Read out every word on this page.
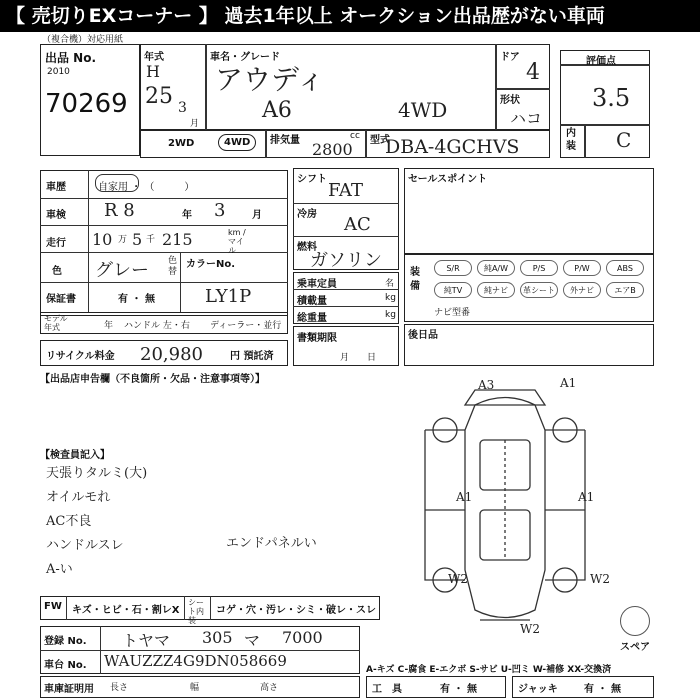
【 売切りEXコーナー 】 過去1年以上 オークション出品歴がない車両
（複合機）対応用紙
出品 No.
2010
70269
年式
H
25 3
月
車名・グレード
アウディ
A6	4WD
ドア
4
形状
ハコ
2WD	4WD	排気量	cc
2800 型式
DBA-4GCHVS
評価点
3.5
内装 C
車歴	自家用 ・ （　　　）
車検 R 8	年 3	月
走行 10 万 5 千 215	km / マイル
色 グレー 色替
カラーNo.
保証書	有 ・ 無	LY1P
モデル年式	年 ハンドル 左・右 ディーラー・並行
リサイクル料金 20,980	円 預託済
シフト
FAT
冷房 AC
燃料
ガソリン
乗車定員	名
積載量	kg
総重量	kg
書類期限
月　　日
セールスポイント
装備
S/R	純A/W	P/S	P/W	ABS
純TV	純ナビ	革シート	外ナビ	エアB
ナビ型番
後日品
【出品店申告欄（不良箇所・欠品・注意事項等）】
【検査員記入】
天張りタルミ(大)
オイルモれ
AC不良
ハンドルスレ
A-い
エンドパネルい
A3	A1
A1	A1
W2	W2
W2
スペア
FW キズ・ヒビ・石・割レX
シート内装
コゲ・穴・汚レ・シミ・破レ・スレ
登録 No. トヤマ 305 マ 7000
車台 No. WAUZZZ4G9DN058669
車庫証明用 長さ	幅	高さ
A-キズ C-腐食 E-エクボ S-サビ U-凹ミ W-補修 XX-交換済
工　具	有 ・ 無	ジャッキ	有 ・ 無
